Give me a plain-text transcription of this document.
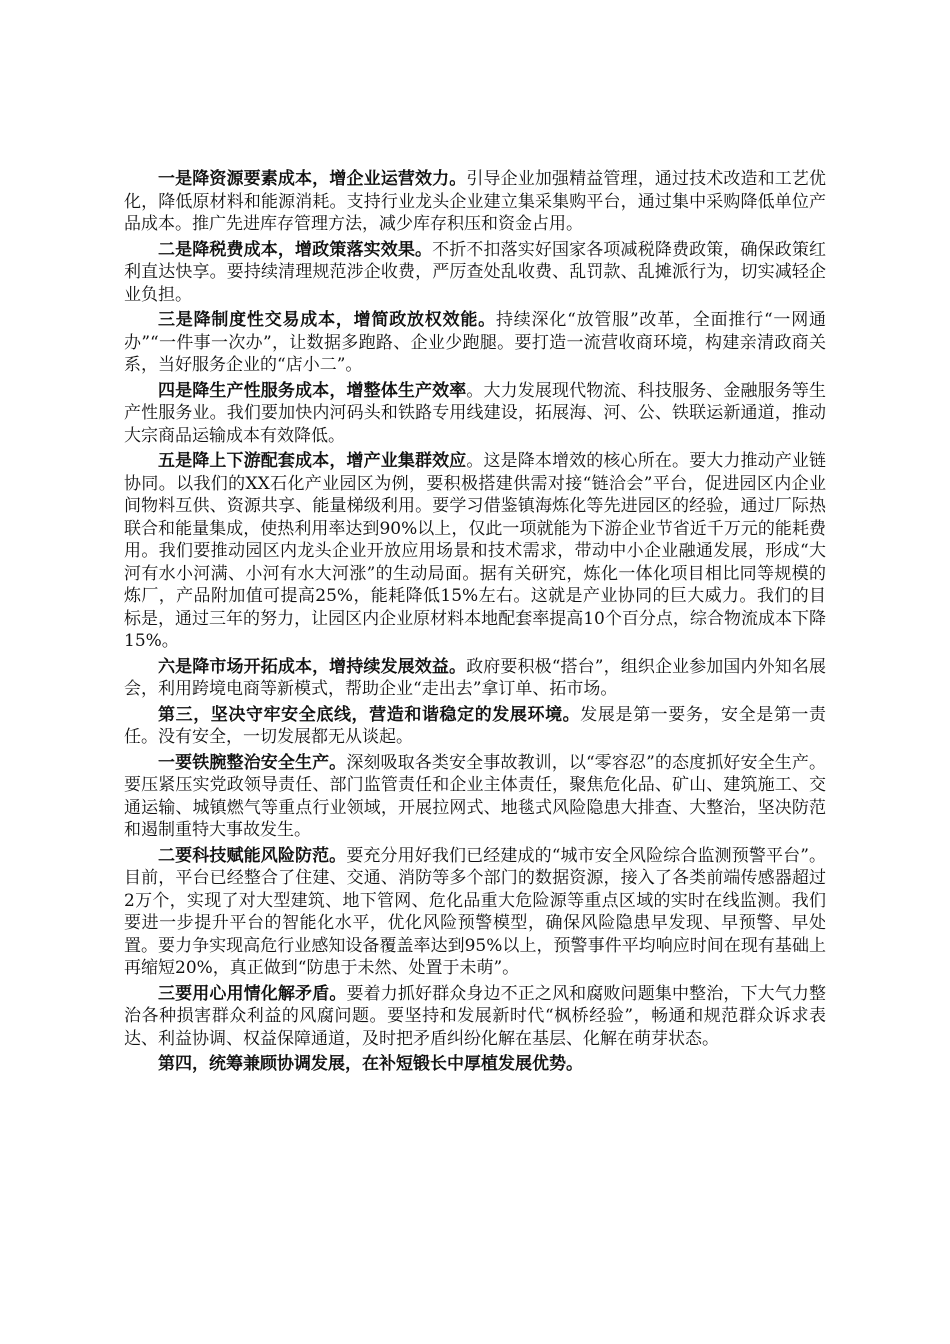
一是降资源要素成本，增企业运营效力。引导企业加强精益管理，通过技术改造和工艺优化，降低原材料和能源消耗。支持行业龙头企业建立集采集购平台，通过集中采购降低单位产品成本。推广先进库存管理方法，减少库存积压和资金占用。

二是降税费成本，增政策落实效果。不折不扣落实好国家各项减税降费政策，确保政策红利直达快享。要持续清理规范涉企收费，严厉查处乱收费、乱罚款、乱摊派行为，切实减轻企业负担。

三是降制度性交易成本，增简政放权效能。持续深化“放管服”改革，全面推行“一网通办”“一件事一次办”，让数据多跑路、企业少跑腿。要打造一流营收商环境，构建亲清政商关系，当好服务企业的“店小二”。

四是降生产性服务成本，增整体生产效率。大力发展现代物流、科技服务、金融服务等生产性服务业。我们要加快内河码头和铁路专用线建设，拓展海、河、公、铁联运新通道，推动大宗商品运输成本有效降低。

五是降上下游配套成本，增产业集群效应。这是降本增效的核心所在。要大力推动产业链协同。以我们的XX石化产业园区为例，要积极搭建供需对接“链洽会”平台，促进园区内企业间物料互供、资源共享、能量梯级利用。要学习借鉴镇海炼化等先进园区的经验，通过厂际热联合和能量集成，使热利用率达到90%以上，仅此一项就能为下游企业节省近千万元的能耗费用。我们要推动园区内龙头企业开放应用场景和技术需求，带动中小企业融通发展，形成“大河有水小河满、小河有水大河涨”的生动局面。据有关研究，炼化一体化项目相比同等规模的炼厂，产品附加值可提高25%，能耗降低15%左右。这就是产业协同的巨大威力。我们的目标是，通过三年的努力，让园区内企业原材料本地配套率提高10个百分点，综合物流成本下降15%。

六是降市场开拓成本，增持续发展效益。政府要积极“搭台”，组织企业参加国内外知名展会，利用跨境电商等新模式，帮助企业“走出去”拿订单、拓市场。

第三，坚决守牢安全底线，营造和谐稳定的发展环境。发展是第一要务，安全是第一责任。没有安全，一切发展都无从谈起。

一要铁腕整治安全生产。深刻吸取各类安全事故教训，以“零容忍”的态度抓好安全生产。要压紧压实党政领导责任、部门监管责任和企业主体责任，聚焦危化品、矿山、建筑施工、交通运输、城镇燃气等重点行业领域，开展拉网式、地毯式风险隐患大排查、大整治，坚决防范和遏制重特大事故发生。

二要科技赋能风险防范。要充分用好我们已经建成的“城市安全风险综合监测预警平台”。目前，平台已经整合了住建、交通、消防等多个部门的数据资源，接入了各类前端传感器超过2万个，实现了对大型建筑、地下管网、危化品重大危险源等重点区域的实时在线监测。我们要进一步提升平台的智能化水平，优化风险预警模型，确保风险隐患早发现、早预警、早处置。要力争实现高危行业感知设备覆盖率达到95%以上，预警事件平均响应时间在现有基础上再缩短20%，真正做到“防患于未然、处置于未萌”。

三要用心用情化解矛盾。要着力抓好群众身边不正之风和腐败问题集中整治，下大气力整治各种损害群众利益的风腐问题。要坚持和发展新时代“枫桥经验”，畅通和规范群众诉求表达、利益协调、权益保障通道，及时把矛盾纠纷化解在基层、化解在萌芽状态。

第四，统筹兼顾协调发展，在补短锻长中厚植发展优势。
